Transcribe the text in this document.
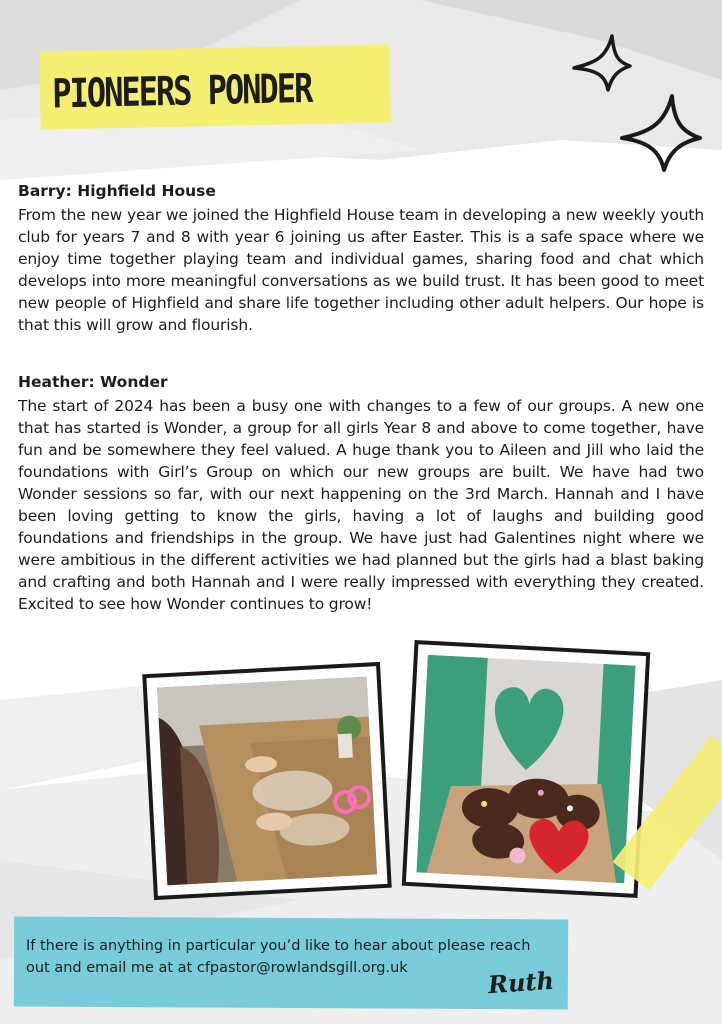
PIONEERS PONDER
Barry: Highfield House

From the new year we joined the Highfield House team in developing a new weekly youth club for years 7 and 8 with year 6 joining us after Easter. This is a safe space where we enjoy time together playing team and individual games, sharing food and chat which develops into more meaningful conversations as we build trust. It has been good to meet new people of Highfield and share life together including other adult helpers. Our hope is that this will grow and flourish.

Heather: Wonder

The start of 2024 has been a busy one with changes to a few of our groups. A new one that has started is Wonder, a group for all girls Year 8 and above to come together, have fun and be somewhere they feel valued. A huge thank you to Aileen and Jill who laid the foundations with Girl’s Group on which our new groups are built. We have had two Wonder sessions so far, with our next happening on the 3rd March. Hannah and I have been loving getting to know the girls, having a lot of laughs and building good foundations and friendships in the group. We have just had Galentines night where we were ambitious in the different activities we had planned but the girls had a blast baking and crafting and both Hannah and I were really impressed with everything they created. Excited to see how Wonder continues to grow!

If there is anything in particular you’d like to hear about please reach out and email me at at cfpastor@rowlandsgill.org.uk	Ruth
